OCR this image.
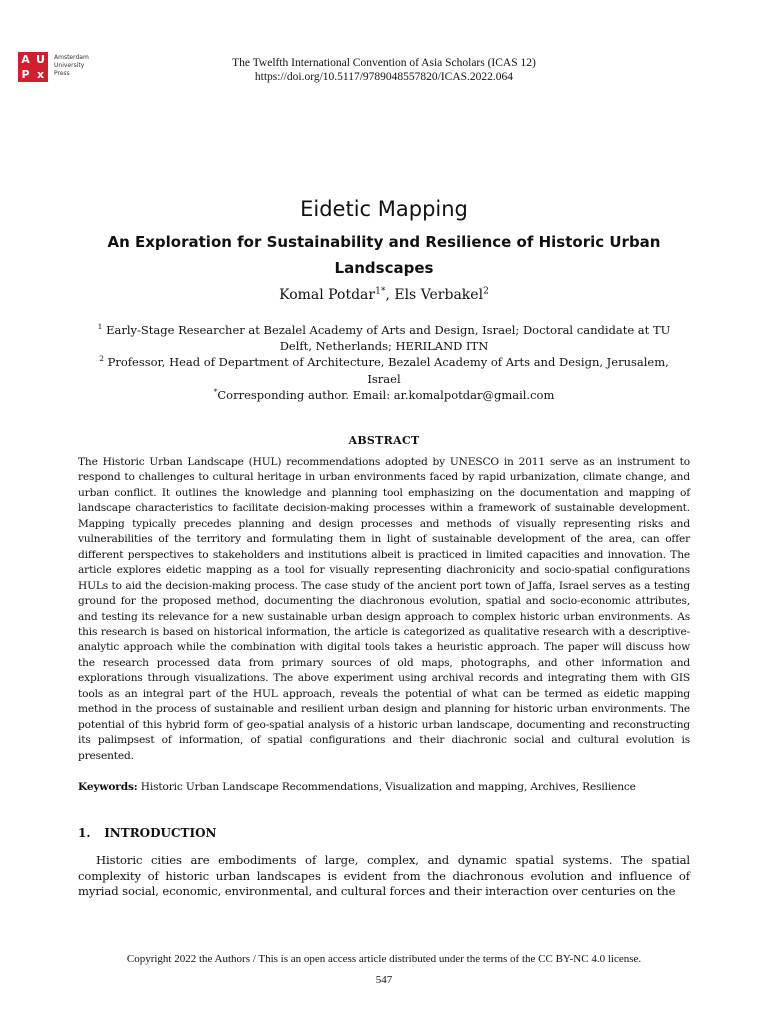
A U
P x
Amsterdam
University
Press
The Twelfth International Convention of Asia Scholars (ICAS 12)
https://doi.org/10.5117/9789048557820/ICAS.2022.064
Eidetic Mapping
An Exploration for Sustainability and Resilience of Historic Urban Landscapes
Komal Potdar$^{1*}$, Els Verbakel$^2$
$^1$ Early-Stage Researcher at Bezalel Academy of Arts and Design, Israel; Doctoral candidate at TU Delft, Netherlands; HERILAND ITN
$^2$ Professor, Head of Department of Architecture, Bezalel Academy of Arts and Design, Jerusalem, Israel
*Corresponding author. Email: ar.komalpotdar@gmail.com
ABSTRACT
The Historic Urban Landscape (HUL) recommendations adopted by UNESCO in 2011 serve as an instrument to respond to challenges to cultural heritage in urban environments faced by rapid urbanization, climate change, and urban conflict. It outlines the knowledge and planning tool emphasizing on the documentation and mapping of landscape characteristics to facilitate decision-making processes within a framework of sustainable development. Mapping typically precedes planning and design processes and methods of visually representing risks and vulnerabilities of the territory and formulating them in light of sustainable development of the area, can offer different perspectives to stakeholders and institutions albeit is practiced in limited capacities and innovation. The article explores eidetic mapping as a tool for visually representing diachronicity and socio-spatial configurations HULs to aid the decision-making process. The case study of the ancient port town of Jaffa, Israel serves as a testing ground for the proposed method, documenting the diachronous evolution, spatial and socio-economic attributes, and testing its relevance for a new sustainable urban design approach to complex historic urban environments. As this research is based on historical information, the article is categorized as qualitative research with a descriptive-analytic approach while the combination with digital tools takes a heuristic approach. The paper will discuss how the research processed data from primary sources of old maps, photographs, and other information and explorations through visualizations. The above experiment using archival records and integrating them with GIS tools as an integral part of the HUL approach, reveals the potential of what can be termed as eidetic mapping method in the process of sustainable and resilient urban design and planning for historic urban environments. The potential of this hybrid form of geo-spatial analysis of a historic urban landscape, documenting and reconstructing its palimpsest of information, of spatial configurations and their diachronic social and cultural evolution is presented.
Keywords: Historic Urban Landscape Recommendations, Visualization and mapping, Archives, Resilience
1. INTRODUCTION
Historic cities are embodiments of large, complex, and dynamic spatial systems. The spatial complexity of historic urban landscapes is evident from the diachronous evolution and influence of myriad social, economic, environmental, and cultural forces and their interaction over centuries on the
Copyright 2022 the Authors / This is an open access article distributed under the terms of the CC BY-NC 4.0 license.
547
